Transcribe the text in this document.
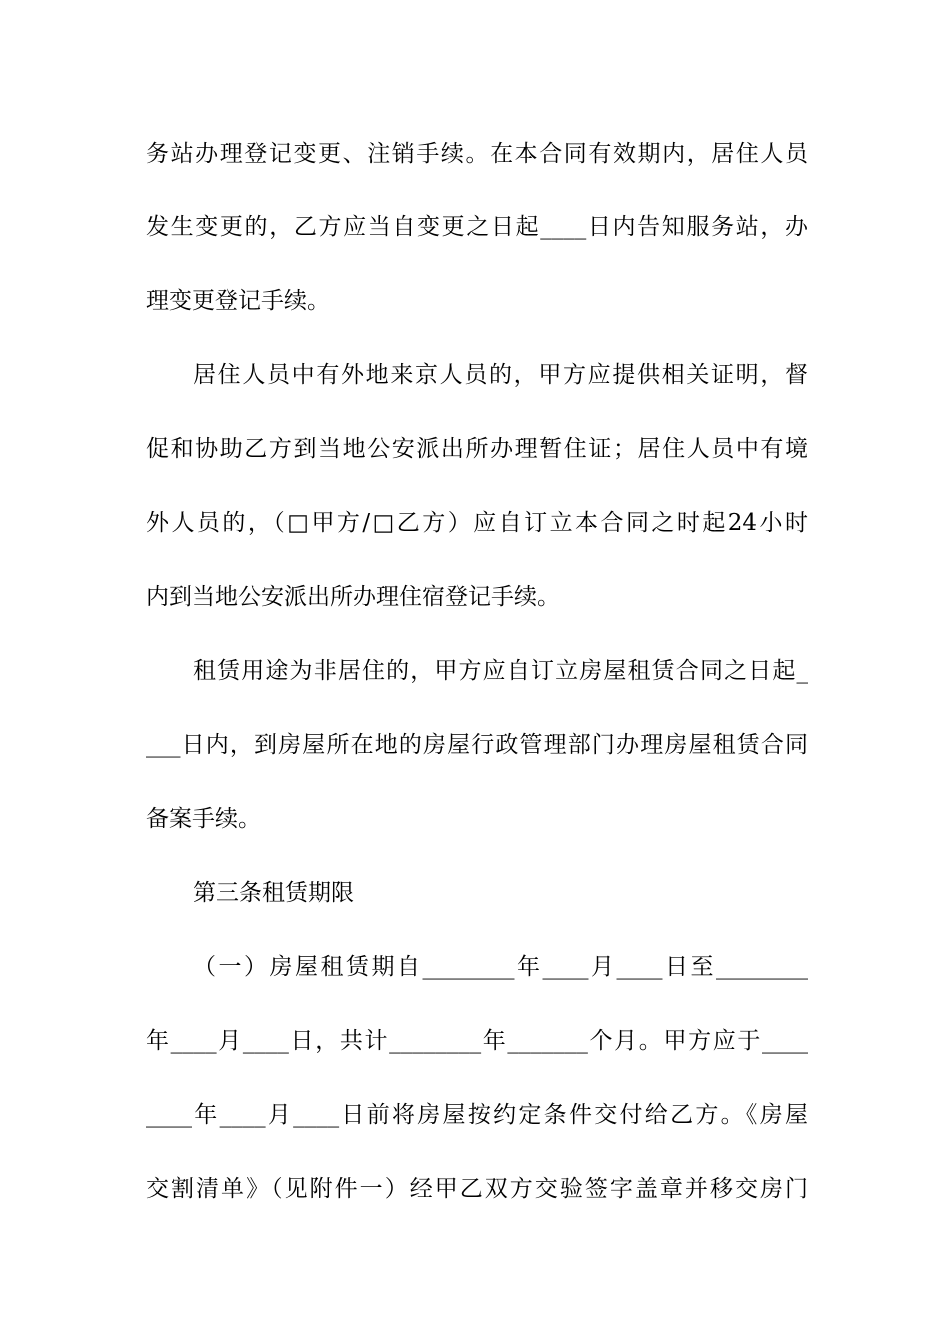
务站办理登记变更、注销手续。在本合同有效期内，居住人员
发生变更的，乙方应当自变更之日起____日内告知服务站，办
理变更登记手续。
居住人员中有外地来京人员的，甲方应提供相关证明，督
促和协助乙方到当地公安派出所办理暂住证；居住人员中有境
外人员的，（□甲方/□乙方）应自订立本合同之时起24小时
内到当地公安派出所办理住宿登记手续。
租赁用途为非居住的，甲方应自订立房屋租赁合同之日起_
___日内，到房屋所在地的房屋行政管理部门办理房屋租赁合同
备案手续。
第三条租赁期限
（一）房屋租赁期自________年____月____日至________
年____月____日，共计________年_______个月。甲方应于____
____年____月____日前将房屋按约定条件交付给乙方。《房屋
交割清单》（见附件一）经甲乙双方交验签字盖章并移交房门
